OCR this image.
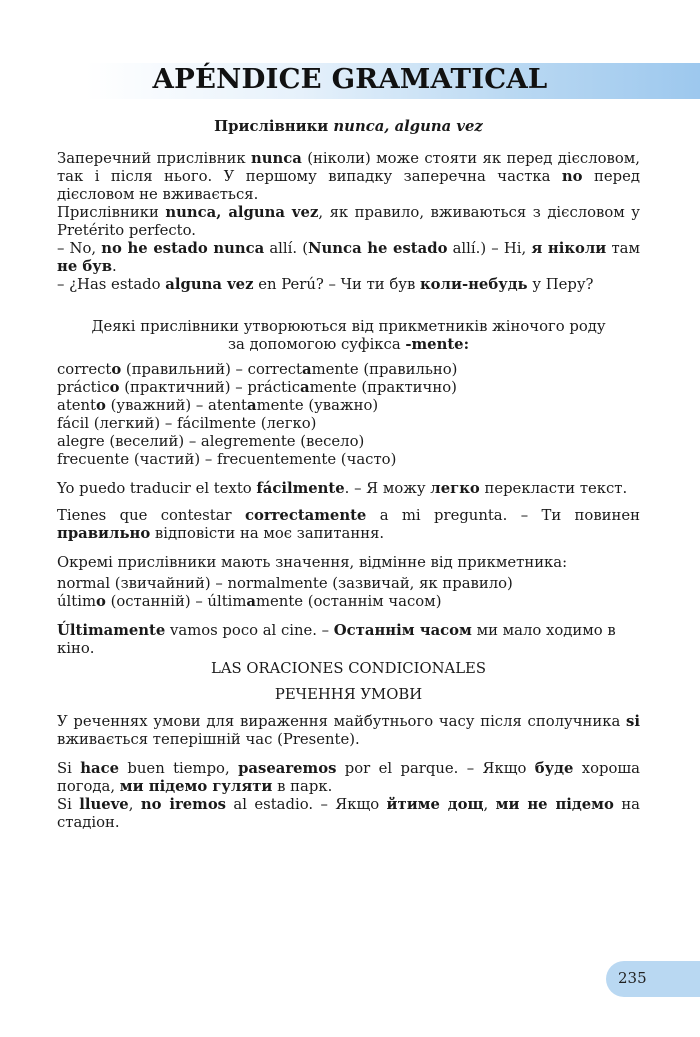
APÉNDICE GRAMATICAL
Прислівники nunca, alguna vez

Заперечний прислівник nunca (ніколи) може стояти як перед дієсловом, так і після нього. У першому випадку заперечна частка no перед дієсловом не вживається.

Прислівники nunca, alguna vez, як правило, вживаються з дієсловом у Pretérito perfecto.

– No, no he estado nunca allí. (Nunca he estado allí.) – Ні, я ніколи там не був.

– ¿Has estado alguna vez en Perú? – Чи ти був коли-небудь у Перу?

Деякі прислівники утворюються від прикметників жіночого роду

за допомогою суфікса -mente:

correcto (правильний) – correctamente (правильно)

práctico (практичний) – prácticamente (практично)

atento (уважний) – atentamente (уважно)

fácil (легкий) – fácilmente (легко)

alegre (веселий) – alegremente (весело)

frecuente (частий) – frecuentemente (часто)

Yo puedo traducir el texto fácilmente. – Я можу легко перекласти текст.
Tienes que contestar correctamente a mi pregunta. – Ти повинен правильно відповісти на моє запитання.
Окремі прислівники мають значення, відмінне від прикметника:

normal (звичайний) – normalmente (зазвичай, як правило)

último (останній) – últimamente (останнім часом)

Últimamente vamos poco al cine. – Останнім часом ми мало ходимо в кіно.
LAS ORACIONES CONDICIONALES
РЕЧЕННЯ УМОВИ
У реченнях умови для вираження майбутнього часу після сполучника si вживається теперішній час (Presente).

Si hace buen tiempo, pasearemos por el parque. – Якщо буде хороша погода, ми підемо гуляти в парк.

Si llueve, no iremos al estadio. – Якщо йтиме дощ, ми не підемо на стадіон.

235
